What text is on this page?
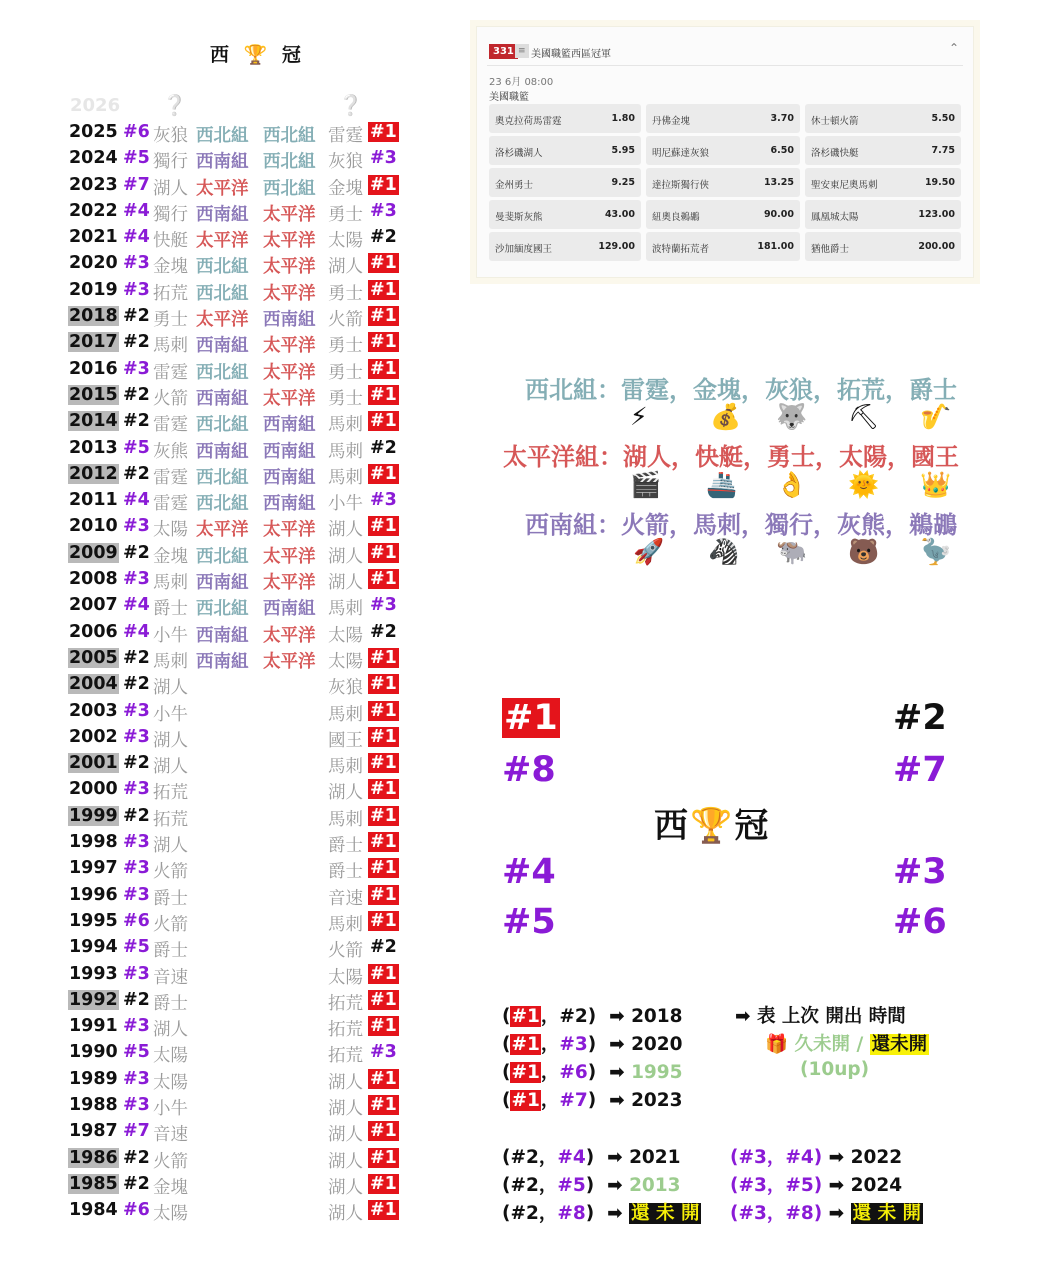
西 🏆 冠
2026 ❔	❔
2025 #6 灰狼 西北組 西北組 雷霆 #1
2024 #5 獨行 西南組 西北組 灰狼 #3
2023 #7 湖人 太平洋 西北組 金塊 #1
2022 #4 獨行 西南組 太平洋 勇士 #3
2021 #4 快艇 太平洋 太平洋 太陽 #2
2020 #3 金塊 西北組 太平洋 湖人 #1
2019 #3 拓荒 西北組 太平洋 勇士 #1
2018 #2 勇士 太平洋 西南組 火箭 #1
2017 #2 馬刺 西南組 太平洋 勇士 #1
2016 #3 雷霆 西北組 太平洋 勇士 #1
2015 #2 火箭 西南組 太平洋 勇士 #1
2014 #2 雷霆 西北組 西南組 馬刺 #1
2013 #5 灰熊 西南組 西南組 馬刺 #2
2012 #2 雷霆 西北組 西南組 馬刺 #1
2011 #4 雷霆 西北組 西南組 小牛 #3
2010 #3 太陽 太平洋 太平洋 湖人 #1
2009 #2 金塊 西北組 太平洋 湖人 #1
2008 #3 馬刺 西南組 太平洋 湖人 #1
2007 #4 爵士 西北組 西南組 馬刺 #3
2006 #4 小牛 西南組 太平洋 太陽 #2
2005 #2 馬刺 西南組 太平洋 太陽 #1
2004 #2 湖人	灰狼 #1
2003 #3 小牛	馬刺 #1
2002 #3 湖人	國王 #1
2001 #2 湖人	馬刺 #1
2000 #3 拓荒	湖人 #1
1999 #2 拓荒	馬刺 #1
1998 #3 湖人	爵士 #1
1997 #3 火箭	爵士 #1
1996 #3 爵士	音速 #1
1995 #6 火箭	馬刺 #1
1994 #5 爵士	火箭 #2
1993 #3 音速	太陽 #1
1992 #2 爵士	拓荒 #1
1991 #3 湖人	拓荒 #1
1990 #5 太陽	拓荒 #3
1989 #3 太陽	湖人 #1
1988 #3 小牛	湖人 #1
1987 #7 音速	湖人 #1
1986 #2 火箭	湖人 #1
1985 #2 金塊	湖人 #1
1984 #6 太陽	湖人 #1
331 ≡ 美國職籃西區冠軍	⌃
23 6月 08:00
美國職籃
奧克拉荷馬雷霆	1.80 丹佛金塊	3.70 休士頓火箭	5.50
洛杉磯湖人	5.95 明尼蘇達灰狼	6.50 洛杉磯快艇	7.75
金州勇士	9.25 達拉斯獨行俠	13.25 聖安東尼奧馬刺	19.50
曼斐斯灰熊	43.00 紐奧良鵜鶘	90.00 鳳凰城太陽	123.00
沙加緬度國王	129.00 波特蘭拓荒者	181.00 猶他爵士	200.00
西北組：雷霆，金塊，灰狼，拓荒，爵士
⚡ 💰 🐺 ⛏ 🎷
太平洋組：湖人，快艇，勇士，太陽，國王
🎬 🚢 👌 🌞 👑
西南組：火箭，馬刺，獨行，灰熊，鵜鶘
🚀 🦓 🐃 🐻 🦤
#1
#8
#4
#5
#2
#7
#3
#6
西🏆冠
(#1，#2) ➡ 2018
(#1，#3) ➡ 2020
(#1，#6) ➡ 1995
(#1，#7) ➡ 2023
(#2，#4) ➡ 2021
(#2，#5) ➡ 2013
(#2，#8) ➡ 還 未 開
(#3，#4) ➡ 2022
(#3，#5) ➡ 2024
(#3，#8) ➡ 還 未 開
➡ 表 上次 開出 時間
🎁 久未開 / 還未開
(10up)
